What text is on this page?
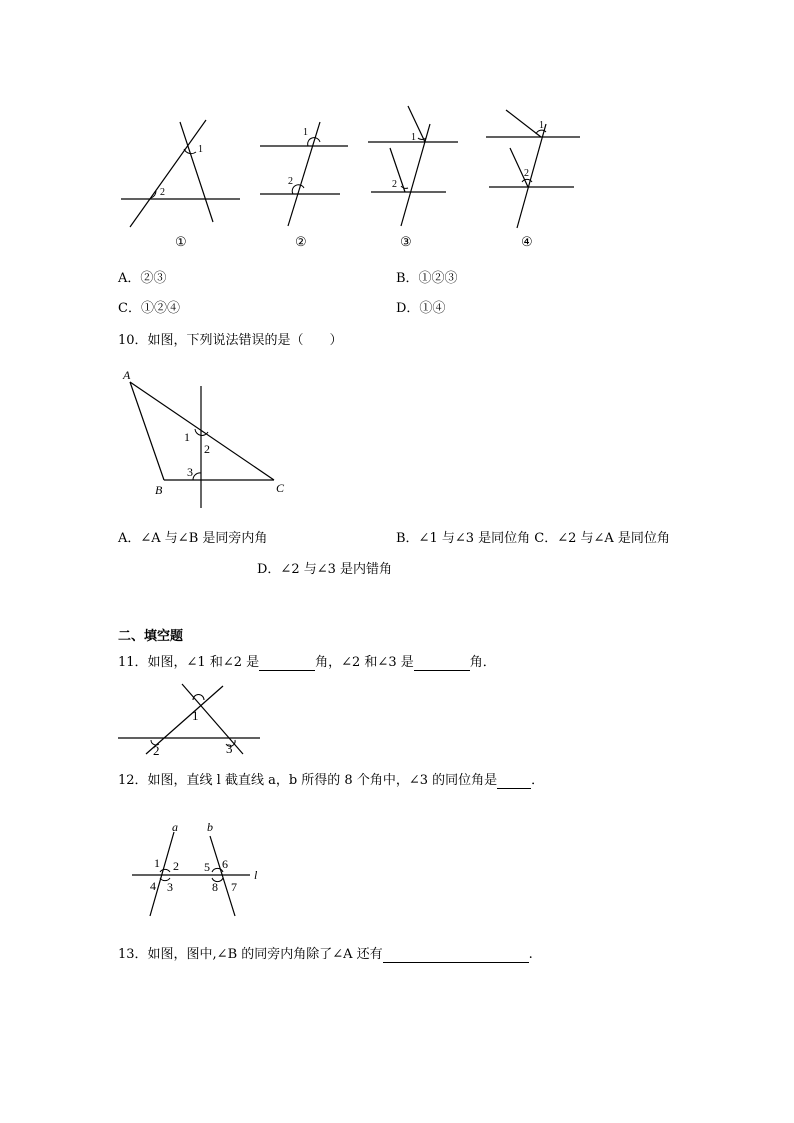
1
2
1
2
1
2
1
2
①	②	③	④
A．②③	B．①②③
C．①②④	D．①④
10．如图，下列说法错误的是（　　）
A
B	C
1
2
3
A．∠A 与∠B 是同旁内角	B．∠1 与∠3 是同位角 C．∠2 与∠A 是同位角
D．∠2 与∠3 是内错角
二、填空题
11．如图，∠1 和∠2 是	角，∠2 和∠3 是	角．
1
2	3
12．如图，直线 l 截直线 a，b 所得的 8 个角中，∠3 的同位角是	．
a b
l
1 2
3
4
5 6
7
8
13．如图，图中,∠B 的同旁内角除了∠A 还有	.
